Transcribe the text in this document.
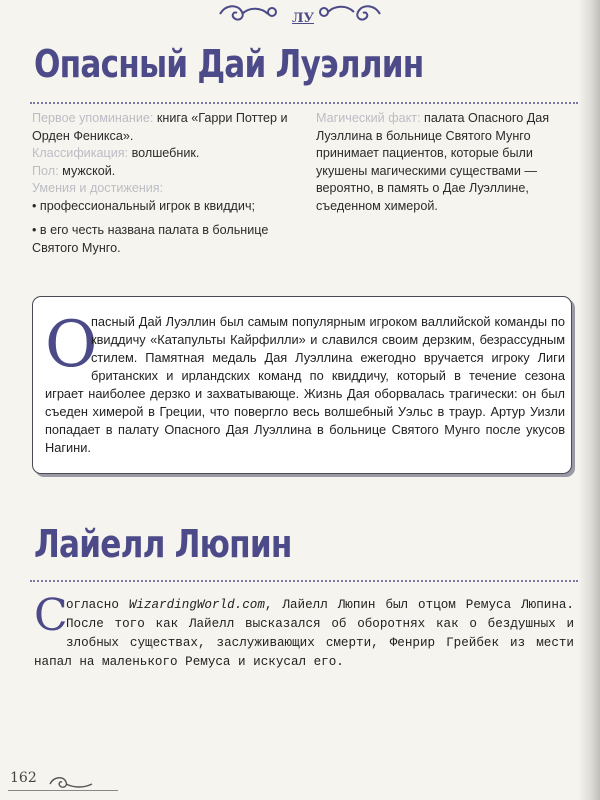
ЛУ
Опасный Дай Луэллин

Первое упоминание: книга «Гарри Поттер и Орден Феникса».

Классификация: волшебник.

Пол: мужской.

Умения и достижения:

• профессиональный игрок в квиддич;

• в его честь названа палата в больнице Святого Мунго.

Магический факт: палата Опасного Дая Луэллина в больнице Святого Мунго принимает пациентов, которые были укушены магическими существами — вероятно, в память о Дае Луэллине, съеденном химерой.

О
пасный Дай Луэллин был самым популярным игроком валлийской команды по квиддичу «Катапульты Кайрфилли» и славился своим дерзким, безрассудным стилем. Памятная медаль Дая Луэллина ежегодно вручается игроку Лиги британских и ирландских команд по квиддичу, который в течение сезона играет наиболее дерзко и захватывающе. Жизнь Дая оборвалась трагически: он был съеден химерой в Греции, что повергло весь волшебный Уэльс в траур. Артур Уизли попадает в палату Опасного Дая Луэллина в больнице Святого Мунго после укусов Нагини.
Лайелл Люпин
С
огласно WizardingWorld.com, Лайелл Люпин был отцом Ремуса Люпина. После того как Лайелл высказался об оборотнях как о бездушных и злобных существах, заслуживающих смерти, Фенрир Грейбек из мести напал на маленького Ремуса и искусал его.
162
